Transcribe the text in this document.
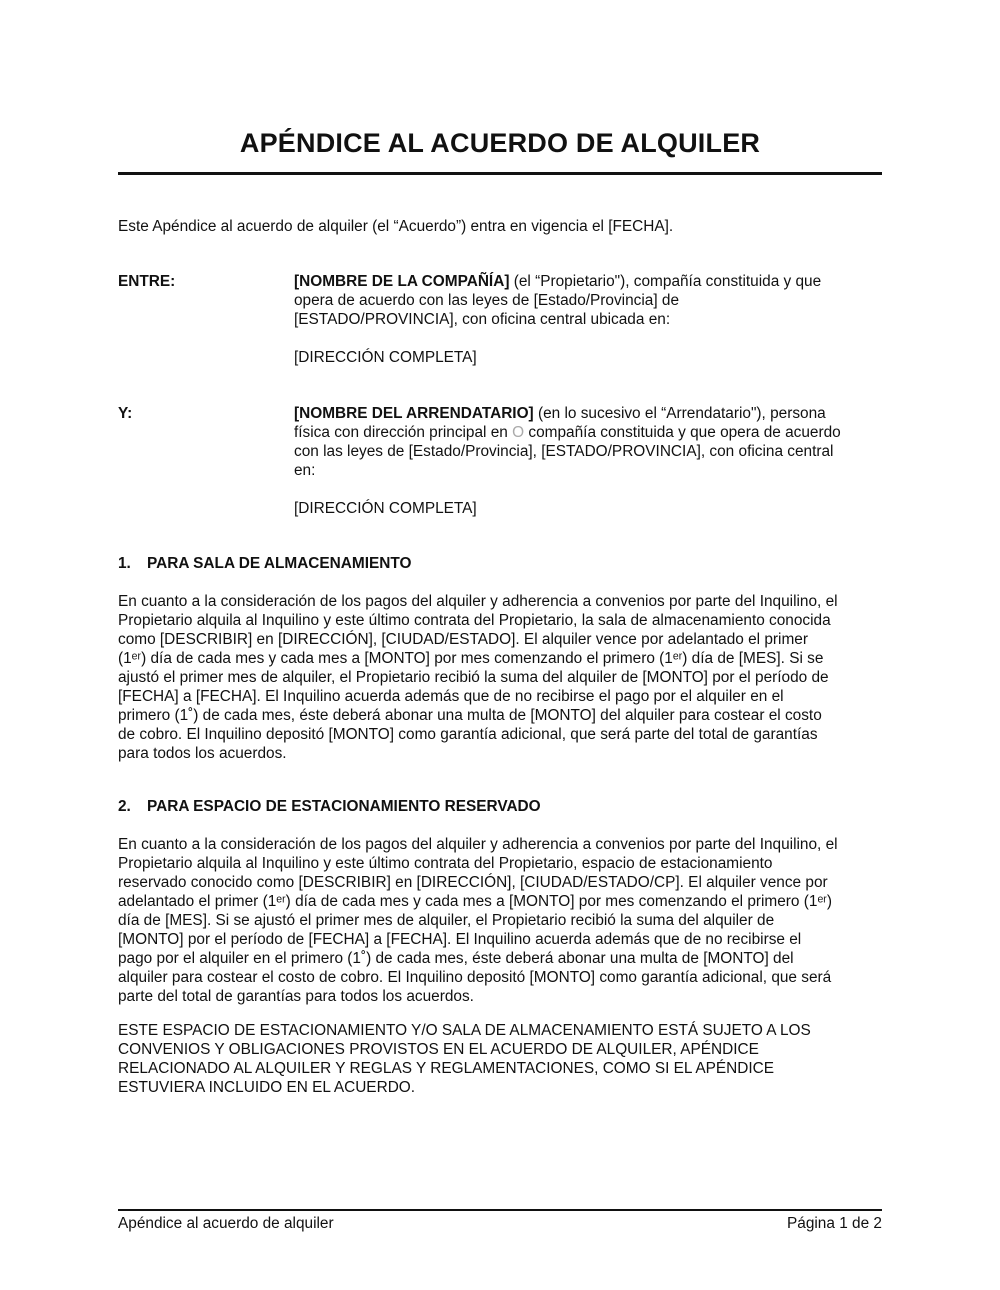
APÉNDICE AL ACUERDO DE ALQUILER
Este Apéndice al acuerdo de alquiler (el “Acuerdo”) entra en vigencia el [FECHA].
ENTRE:	[NOMBRE DE LA COMPAÑÍA] (el “Propietario"), compañía constituida y que

opera de acuerdo con las leyes de [Estado/Provincia] de

[ESTADO/PROVINCIA], con oficina central ubicada en:

[DIRECCIÓN COMPLETA]

Y:	[NOMBRE DEL ARRENDATARIO] (en lo sucesivo el “Arrendatario"), persona

física con dirección principal en O compañía constituida y que opera de acuerdo

con las leyes de [Estado/Provincia], [ESTADO/PROVINCIA], con oficina central

en:

[DIRECCIÓN COMPLETA]

1. PARA SALA DE ALMACENAMIENTO
En cuanto a la consideración de los pagos del alquiler y adherencia a convenios por parte del Inquilino, el
Propietario alquila al Inquilino y este último contrata del Propietario, la sala de almacenamiento conocida
como [DESCRIBIR] en [DIRECCIÓN], [CIUDAD/ESTADO]. El alquiler vence por adelantado el primer
(1ᵉʳ) día de cada mes y cada mes a [MONTO] por mes comenzando el primero (1ᵉʳ) día de [MES]. Si se
ajustó el primer mes de alquiler, el Propietario recibió la suma del alquiler de [MONTO] por el período de
[FECHA] a [FECHA]. El Inquilino acuerda además que de no recibirse el pago por el alquiler en el
primero (1˚) de cada mes, éste deberá abonar una multa de [MONTO] del alquiler para costear el costo
de cobro. El Inquilino depositó [MONTO] como garantía adicional, que será parte del total de garantías
para todos los acuerdos.
2. PARA ESPACIO DE ESTACIONAMIENTO RESERVADO
En cuanto a la consideración de los pagos del alquiler y adherencia a convenios por parte del Inquilino, el
Propietario alquila al Inquilino y este último contrata del Propietario, espacio de estacionamiento
reservado conocido como [DESCRIBIR] en [DIRECCIÓN], [CIUDAD/ESTADO/CP]. El alquiler vence por
adelantado el primer (1ᵉʳ) día de cada mes y cada mes a [MONTO] por mes comenzando el primero (1ᵉʳ)
día de [MES]. Si se ajustó el primer mes de alquiler, el Propietario recibió la suma del alquiler de
[MONTO] por el período de [FECHA] a [FECHA]. El Inquilino acuerda además que de no recibirse el
pago por el alquiler en el primero (1˚) de cada mes, éste deberá abonar una multa de [MONTO] del
alquiler para costear el costo de cobro. El Inquilino depositó [MONTO] como garantía adicional, que será
parte del total de garantías para todos los acuerdos.
ESTE ESPACIO DE ESTACIONAMIENTO Y/O SALA DE ALMACENAMIENTO ESTÁ SUJETO A LOS
CONVENIOS Y OBLIGACIONES PROVISTOS EN EL ACUERDO DE ALQUILER, APÉNDICE
RELACIONADO AL ALQUILER Y REGLAS Y REGLAMENTACIONES, COMO SI EL APÉNDICE
ESTUVIERA INCLUIDO EN EL ACUERDO.
Apéndice al acuerdo de alquiler	Página 1 de 2
